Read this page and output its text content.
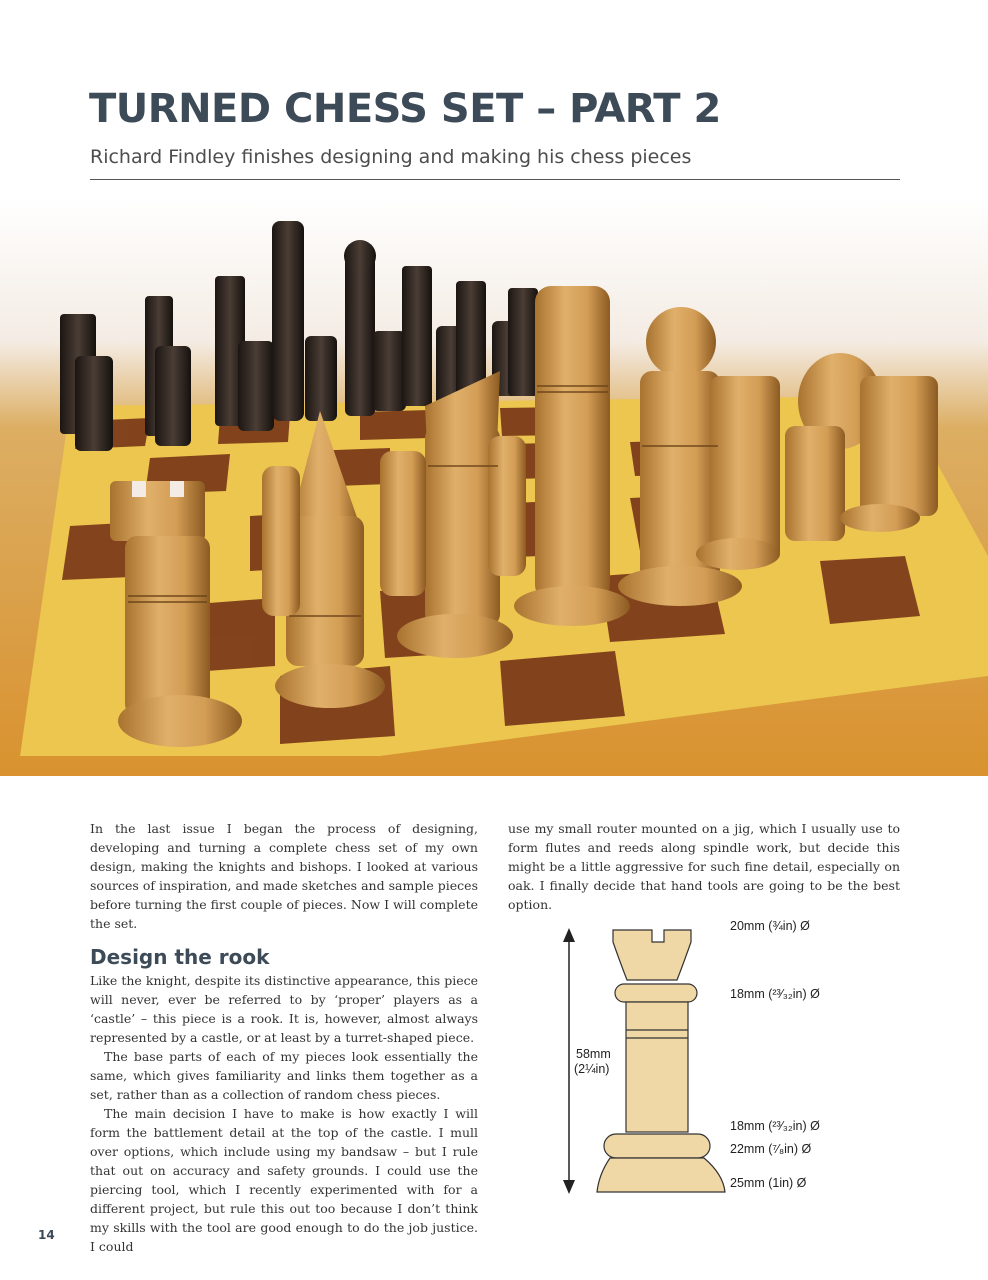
TURNED CHESS SET – PART 2

Richard Findley finishes designing and making his chess pieces

In the last issue I began the process of designing, developing and turning a complete chess set of my own design, making the knights and bishops. I looked at various sources of inspiration, and made sketches and sample pieces before turning the first couple of pieces. Now I will complete the set.

Design the rook

Like the knight, despite its distinctive appearance, this piece will never, ever be referred to by ‘proper’ players as a ‘castle’ – this piece is a rook. It is, however, almost always represented by a castle, or at least by a turret-shaped piece.

The base parts of each of my pieces look essentially the same, which gives familiarity and links them together as a set, rather than as a collection of random chess pieces.

The main decision I have to make is how exactly I will form the battlement detail at the top of the castle. I mull over options, which include using my bandsaw – but I rule that out on accuracy and safety grounds. I could use the piercing tool, which I recently experimented with for a different project, but rule this out too because I don’t think my skills with the tool are good enough to do the job justice. I could

use my small router mounted on a jig, which I usually use to form flutes and reeds along spindle work, but decide this might be a little aggressive for such fine detail, especially on oak. I finally decide that hand tools are going to be the best option.

58mm
(2¼in)
20mm (¾in) Ø
18mm (²³⁄₃₂in) Ø
18mm (²³⁄₃₂in) Ø
22mm (⁷⁄₈in) Ø
25mm (1in) Ø
14
